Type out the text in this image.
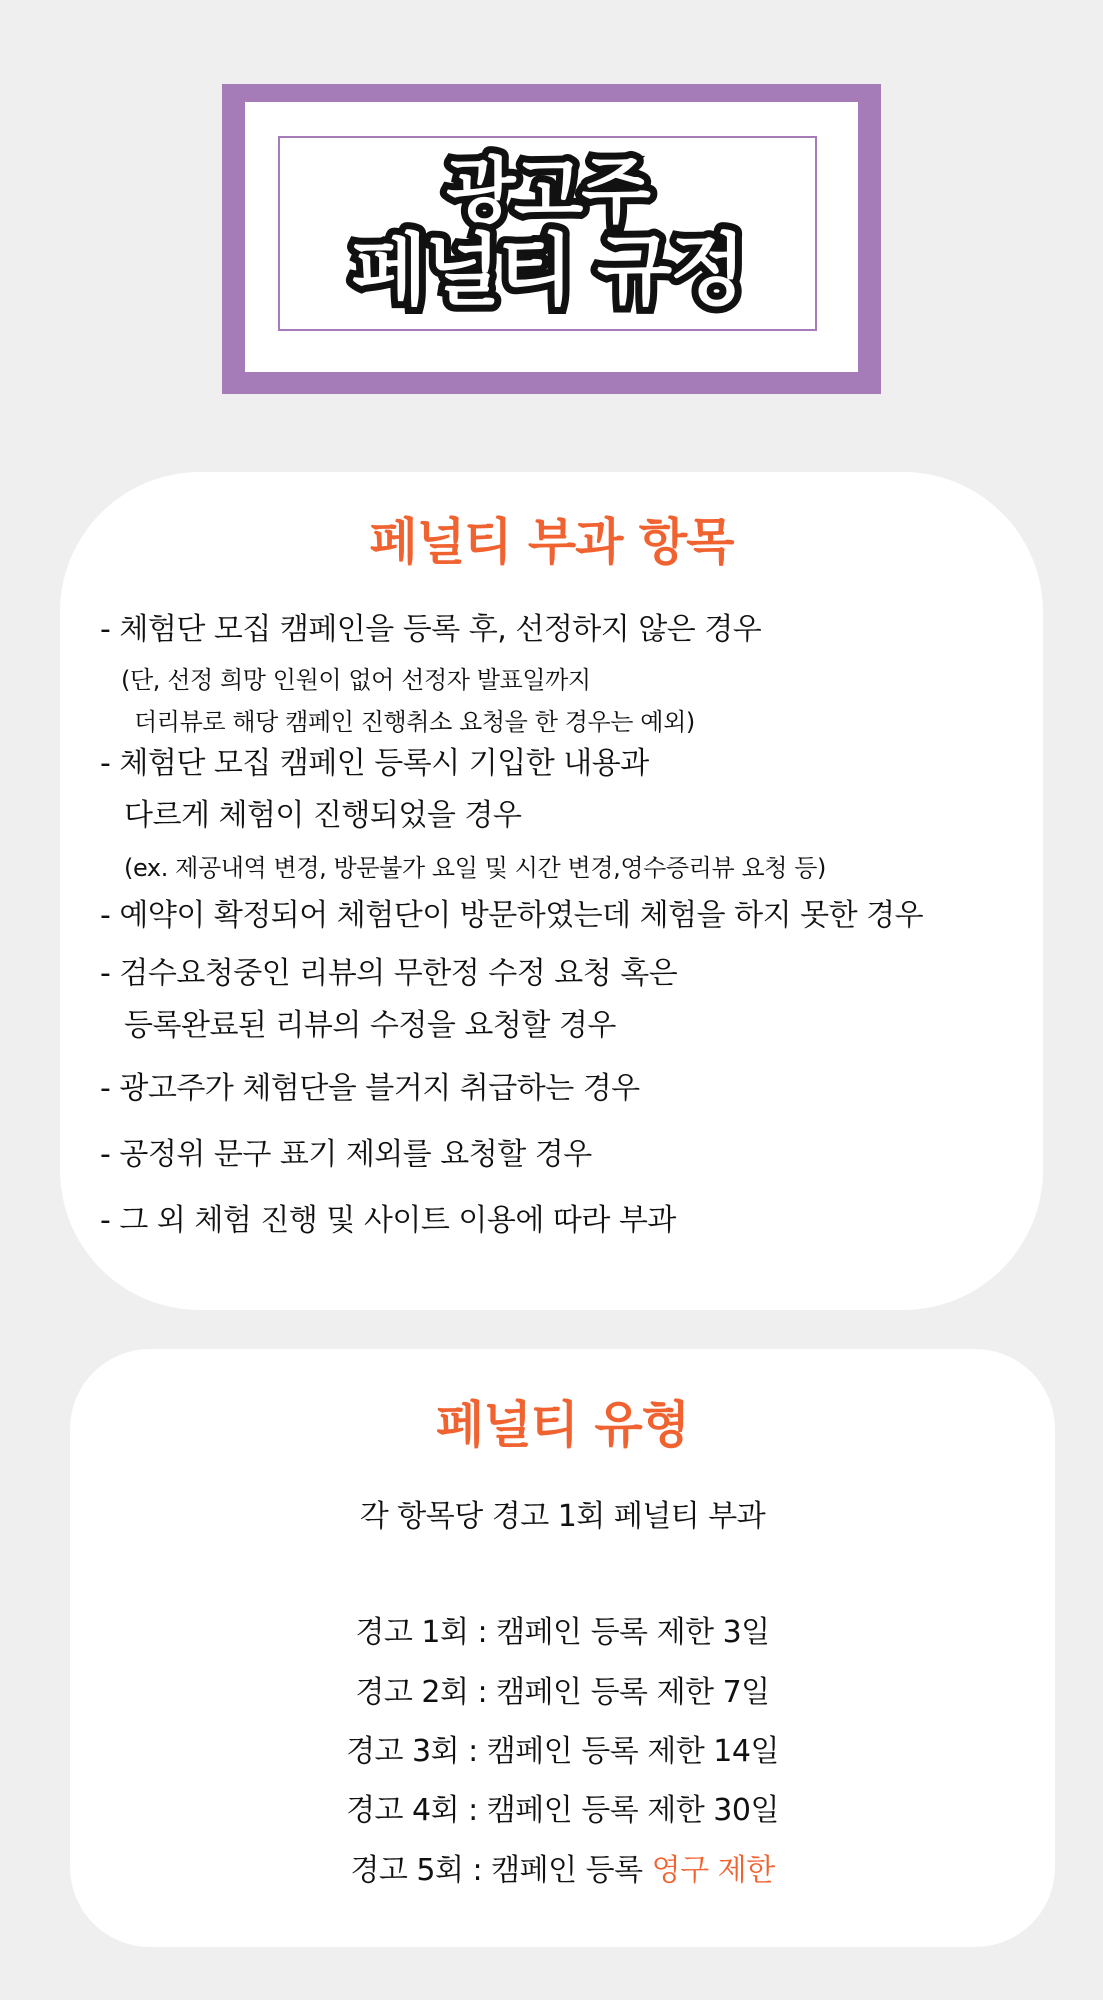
광고주

페널티 규정

페널티 부과 항목
- 체험단 모집 캠페인을 등록 후, 선정하지 않은 경우
(단, 선정 희망 인원이 없어 선정자 발표일까지
더리뷰로 해당 캠페인 진행취소 요청을 한 경우는 예외)
- 체험단 모집 캠페인 등록시 기입한 내용과
다르게 체험이 진행되었을 경우
(ex. 제공내역 변경, 방문불가 요일 및 시간 변경,영수증리뷰 요청 등)
- 예약이 확정되어 체험단이 방문하였는데 체험을 하지 못한 경우
- 검수요청중인 리뷰의 무한정 수정 요청 혹은
등록완료된 리뷰의 수정을 요청할 경우
- 광고주가 체험단을 블거지 취급하는 경우
- 공정위 문구 표기 제외를 요청할 경우
- 그 외 체험 진행 및 사이트 이용에 따라 부과
페널티 유형
각 항목당 경고 1회 페널티 부과
경고 1회 : 캠페인 등록 제한 3일
경고 2회 : 캠페인 등록 제한 7일
경고 3회 : 캠페인 등록 제한 14일
경고 4회 : 캠페인 등록 제한 30일
경고 5회 : 캠페인 등록 영구 제한
